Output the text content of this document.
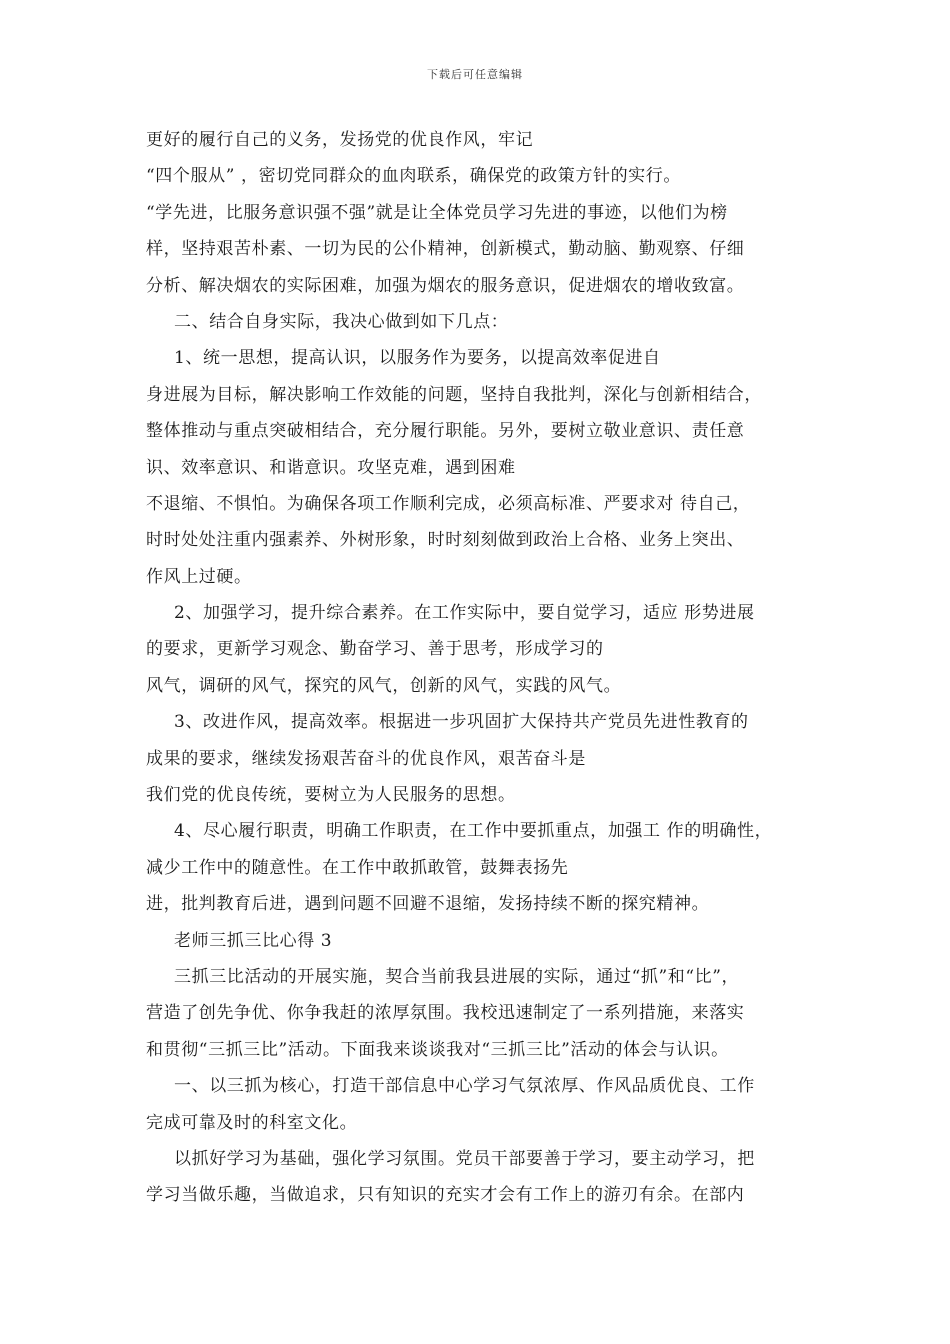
下载后可任意编辑
更好的履行自己的义务，发扬党的优良作风，牢记
“四个服从” ，密切党同群众的血肉联系，确保党的政策方针的实行。
“学先进，比服务意识强不强”就是让全体党员学习先进的事迹，以他们为榜
样，坚持艰苦朴素、一切为民的公仆精神，创新模式，勤动脑、勤观察、仔细
分析、解决烟农的实际困难，加强为烟农的服务意识，促进烟农的增收致富。
二、结合自身实际，我决心做到如下几点：
1、统一思想，提高认识，以服务作为要务，以提高效率促进自
身进展为目标，解决影响工作效能的问题，坚持自我批判，深化与创新相结合，
整体推动与重点突破相结合，充分履行职能。另外，要树立敬业意识、责任意
识、效率意识、和谐意识。攻坚克难，遇到困难
不退缩、不惧怕。为确保各项工作顺利完成，必须高标准、严要求对 待自己，
时时处处注重内强素养、外树形象，时时刻刻做到政治上合格、业务上突出、
作风上过硬。
2、加强学习，提升综合素养。在工作实际中，要自觉学习，适应 形势进展
的要求，更新学习观念、勤奋学习、善于思考，形成学习的
风气，调研的风气，探究的风气，创新的风气，实践的风气。
3、改进作风，提高效率。根据进一步巩固扩大保持共产党员先进性教育的
成果的要求，继续发扬艰苦奋斗的优良作风，艰苦奋斗是
我们党的优良传统，要树立为人民服务的思想。
4、尽心履行职责，明确工作职责，在工作中要抓重点，加强工 作的明确性，
减少工作中的随意性。在工作中敢抓敢管，鼓舞表扬先
进，批判教育后进，遇到问题不回避不退缩，发扬持续不断的探究精神。
老师三抓三比心得 3
三抓三比活动的开展实施，契合当前我县进展的实际，通过“抓”和“比”，
营造了创先争优、你争我赶的浓厚氛围。我校迅速制定了一系列措施，来落实
和贯彻“三抓三比”活动。下面我来谈谈我对“三抓三比”活动的体会与认识。
一、以三抓为核心，打造干部信息中心学习气氛浓厚、作风品质优良、工作
完成可靠及时的科室文化。
以抓好学习为基础，强化学习氛围。党员干部要善于学习，要主动学习，把
学习当做乐趣，当做追求，只有知识的充实才会有工作上的游刃有余。在部内
